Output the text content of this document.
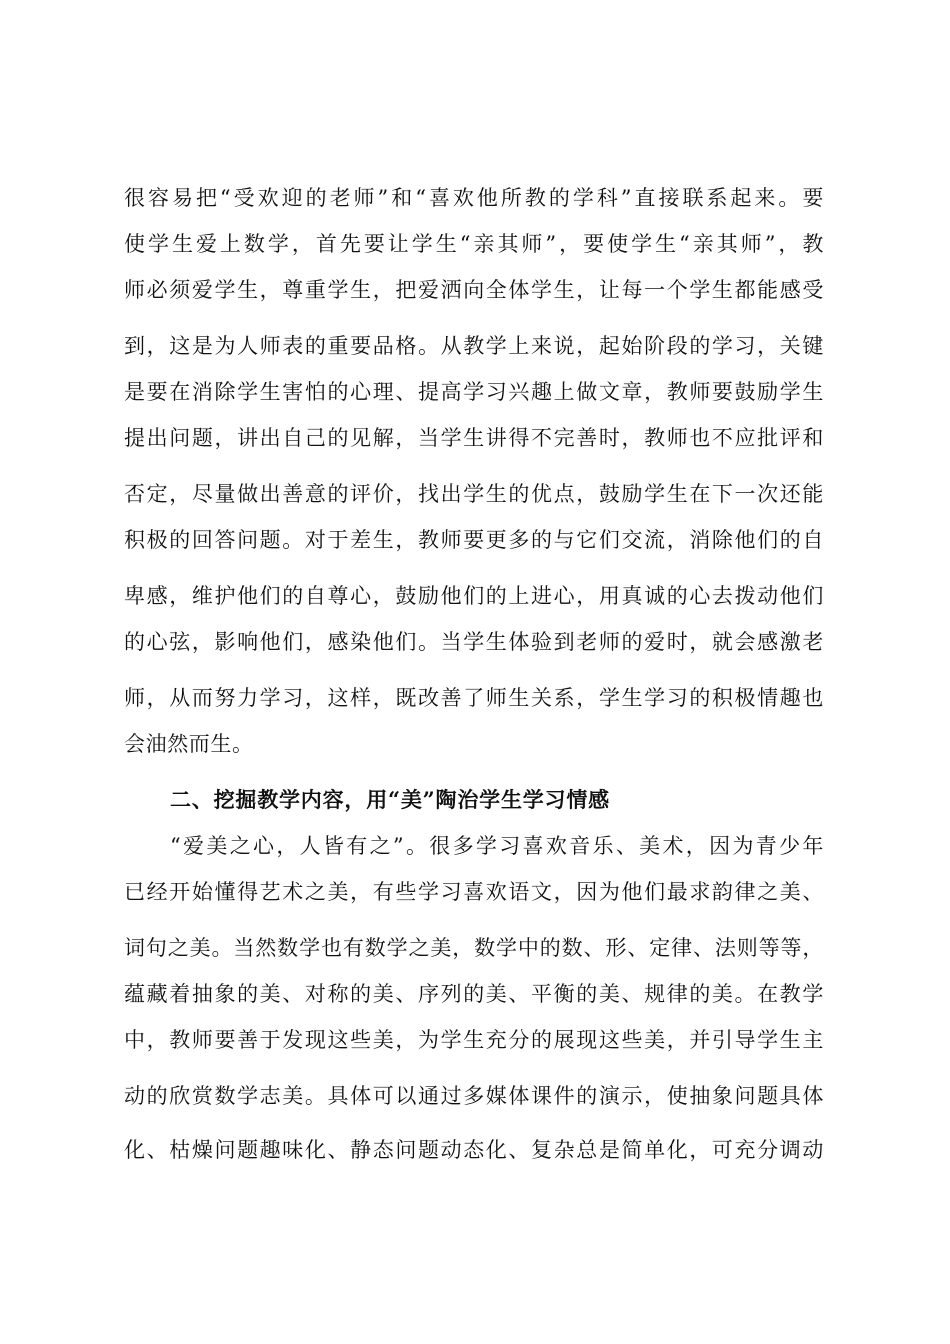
很容易把“受欢迎的老师”和“喜欢他所教的学科”直接联系起来。要
使学生爱上数学，首先要让学生“亲其师”，要使学生“亲其师”，教
师必须爱学生，尊重学生，把爱洒向全体学生，让每一个学生都能感受
到，这是为人师表的重要品格。从教学上来说，起始阶段的学习，关键
是要在消除学生害怕的心理、提高学习兴趣上做文章，教师要鼓励学生
提出问题，讲出自己的见解，当学生讲得不完善时，教师也不应批评和
否定，尽量做出善意的评价，找出学生的优点，鼓励学生在下一次还能
积极的回答问题。对于差生，教师要更多的与它们交流，消除他们的自
卑感，维护他们的自尊心，鼓励他们的上进心，用真诚的心去拨动他们
的心弦，影响他们，感染他们。当学生体验到老师的爱时，就会感激老
师，从而努力学习，这样，既改善了师生关系，学生学习的积极情趣也
会油然而生。
二、挖掘教学内容，用“美”陶治学生学习情感
“爱美之心，人皆有之”。很多学习喜欢音乐、美术，因为青少年
已经开始懂得艺术之美，有些学习喜欢语文，因为他们最求韵律之美、
词句之美。当然数学也有数学之美，数学中的数、形、定律、法则等等，
蕴藏着抽象的美、对称的美、序列的美、平衡的美、规律的美。在教学
中，教师要善于发现这些美，为学生充分的展现这些美，并引导学生主
动的欣赏数学志美。具体可以通过多媒体课件的演示，使抽象问题具体
化、枯燥问题趣味化、静态问题动态化、复杂总是简单化，可充分调动
